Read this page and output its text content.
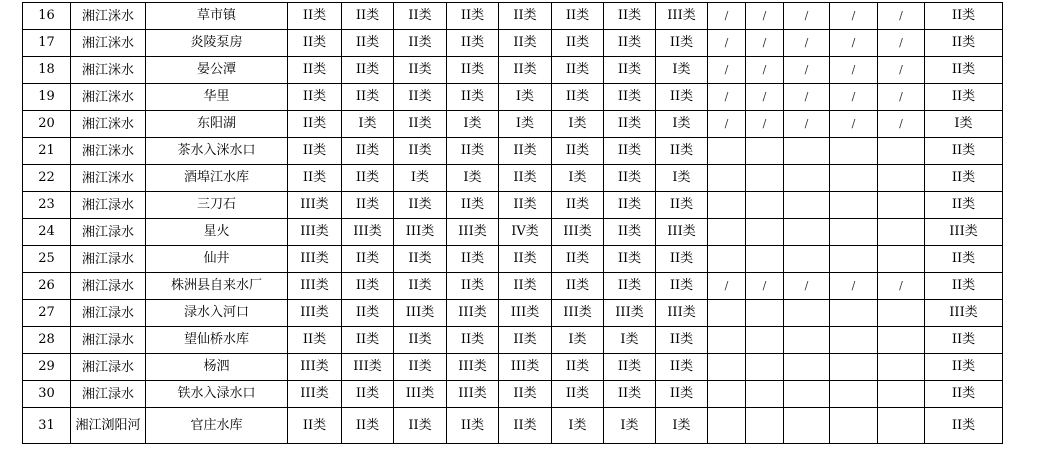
16	湘江洣水	草市镇	II类	II类	II类	II类	II类	II类	II类	III类	/	/	/	/	/	II类
17	湘江洣水	炎陵泵房	II类	II类	II类	II类	II类	II类	II类	II类	/	/	/	/	/	II类
18	湘江洣水	晏公潭	II类	II类	II类	II类	II类	II类	II类	I类	/	/	/	/	/	II类
19	湘江洣水	华里	II类	II类	II类	II类	I类	II类	II类	II类	/	/	/	/	/	II类
20	湘江洣水	东阳湖	II类	I类	II类	I类	I类	I类	II类	I类	/	/	/	/	/	I类
21	湘江洣水	茶水入洣水口	II类	II类	II类	II类	II类	II类	II类	II类						II类
22	湘江洣水	酒埠江水库	II类	II类	I类	I类	II类	I类	II类	I类						II类
23	湘江渌水	三刀石	III类	II类	II类	II类	II类	II类	II类	II类						II类
24	湘江渌水	星火	III类	III类	III类	III类	IV类	III类	II类	III类						III类
25	湘江渌水	仙井	III类	II类	II类	II类	II类	II类	II类	II类						II类
26	湘江渌水	株洲县自来水厂	III类	II类	II类	II类	II类	II类	II类	II类	/	/	/	/	/	II类
27	湘江渌水	渌水入河口	III类	II类	III类	III类	III类	III类	III类	III类						III类
28	湘江渌水	望仙桥水库	II类	II类	II类	II类	II类	I类	I类	II类						II类
29	湘江渌水	杨泗	III类	III类	II类	III类	III类	II类	II类	II类						II类
30	湘江渌水	铁水入渌水口	III类	II类	III类	III类	II类	II类	II类	II类						II类
31	湘江浏阳河	官庄水库	II类	II类	II类	II类	II类	I类	I类	I类						II类
